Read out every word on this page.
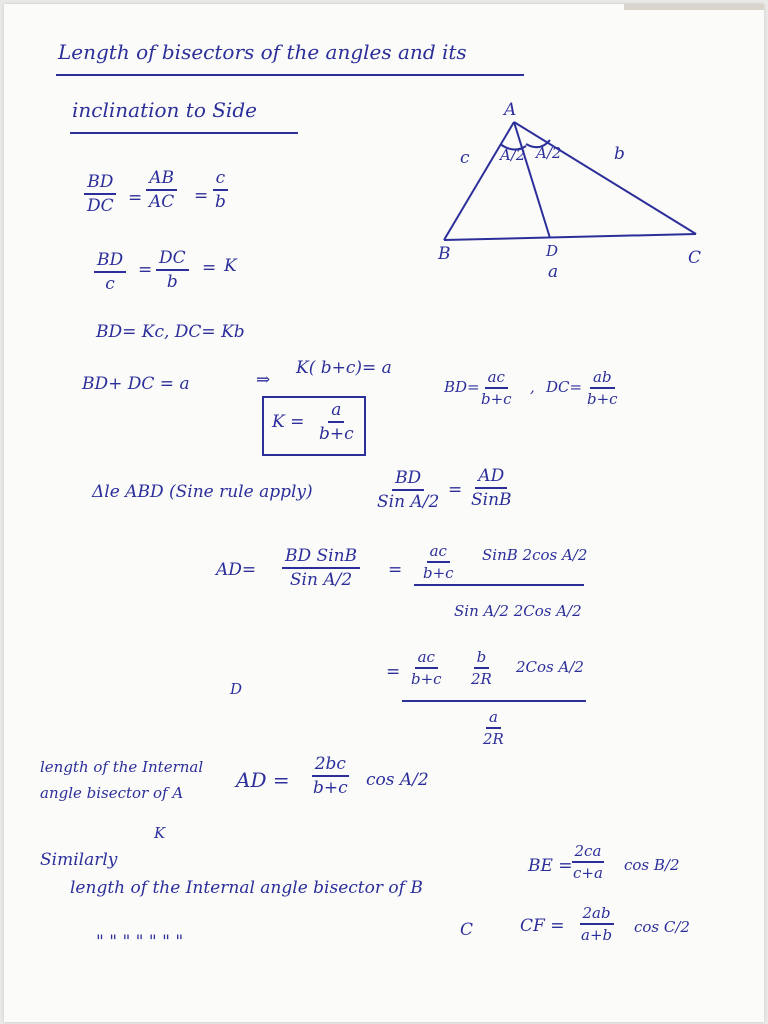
Length of bisectors of the angles and its
inclination to Side	A
B	C
D
c	b
a
A/2 A/2
$\frac{BD}{DC} = \frac{AB}{AC} = \frac{c}{b}$
$\frac{BD}{c} = \frac{DC}{b} = K$
BD= Kc, DC= Kb
BD+ DC = a	⇒
K( b+c)= a
$K = \frac{a}{b+c}$
BD=
$\frac{ac}{b+c}$ , $DC= \frac{ab}{b+c}$
Δle ABD (Sine rule apply)
BD
Sin A/2
=
AD
SinB
AD=
BD SinB
Sin $A/2 = \frac{ac}{b+c}$ SinB 2cos A/2
Sin A/2 2Cos A/2
= $\frac{ac}{b+c} \frac{b}{2R} 2Cos$ A/2
$\frac{a}{2R}$
D
length of the Internal
angle bisector of A
AD = $\frac{2bc}{b+c}$ cos A/2
K
Similarly
length of the Internal angle bisector of B
BE =
$\frac{2ca}{c+a}$ cos B/2
" " " " " " "
C	CF = $\frac{2ab}{a+b}$ cos C/2
